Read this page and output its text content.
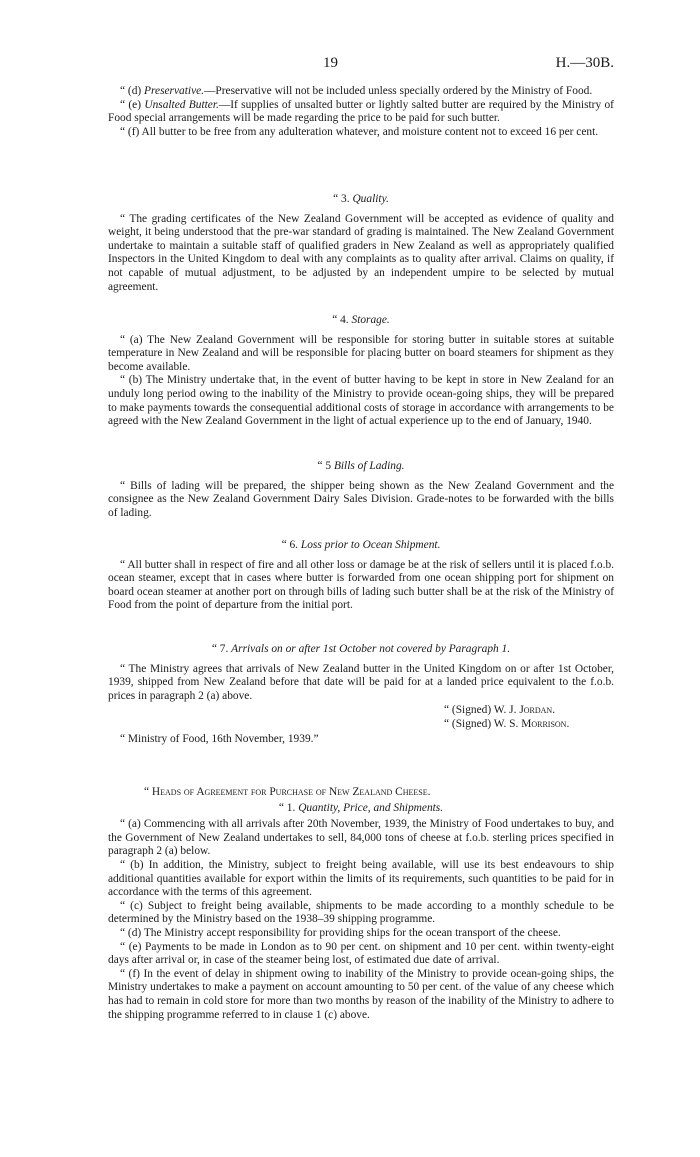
19	H.—30B.

“ (d) Preservative.—Preservative will not be included unless specially ordered by the Ministry of Food.

“ (e) Unsalted Butter.—If supplies of unsalted butter or lightly salted butter are required by the Ministry of Food special arrangements will be made regarding the price to be paid for such butter.

“ (f) All butter to be free from any adulteration whatever, and moisture content not to exceed 16 per cent.

“ 3. Quality.

“ The grading certificates of the New Zealand Government will be accepted as evidence of quality and weight, it being understood that the pre-war standard of grading is maintained. The New Zealand Government undertake to maintain a suitable staff of qualified graders in New Zealand as well as appropriately qualified Inspectors in the United Kingdom to deal with any complaints as to quality after arrival. Claims on quality, if not capable of mutual adjustment, to be adjusted by an independent umpire to be selected by mutual agreement.

“ 4. Storage.

“ (a) The New Zealand Government will be responsible for storing butter in suitable stores at suitable temperature in New Zealand and will be responsible for placing butter on board steamers for shipment as they become available.

“ (b) The Ministry undertake that, in the event of butter having to be kept in store in New Zealand for an unduly long period owing to the inability of the Ministry to provide ocean-going ships, they will be prepared to make payments towards the consequential additional costs of storage in accordance with arrangements to be agreed with the New Zealand Government in the light of actual experience up to the end of January, 1940.

“ 5 Bills of Lading.

“ Bills of lading will be prepared, the shipper being shown as the New Zealand Government and the consignee as the New Zealand Government Dairy Sales Division. Grade-notes to be forwarded with the bills of lading.

“ 6. Loss prior to Ocean Shipment.

“ All butter shall in respect of fire and all other loss or damage be at the risk of sellers until it is placed f.o.b. ocean steamer, except that in cases where butter is forwarded from one ocean shipping port for shipment on board ocean steamer at another port on through bills of lading such butter shall be at the risk of the Ministry of Food from the point of departure from the initial port.

“ 7. Arrivals on or after 1st October not covered by Paragraph 1.

“ The Ministry agrees that arrivals of New Zealand butter in the United Kingdom on or after 1st October, 1939, shipped from New Zealand before that date will be paid for at a landed price equivalent to the f.o.b. prices in paragraph 2 (a) above.

“ (Signed) W. J. Jordan.
“ (Signed) W. S. Morrison.
“ Ministry of Food, 16th November, 1939.”
“ Heads of Agreement for Purchase of New Zealand Cheese.
“ 1. Quantity, Price, and Shipments.

“ (a) Commencing with all arrivals after 20th November, 1939, the Ministry of Food undertakes to buy, and the Government of New Zealand undertakes to sell, 84,000 tons of cheese at f.o.b. sterling prices specified in paragraph 2 (a) below.

“ (b) In addition, the Ministry, subject to freight being available, will use its best endeavours to ship additional quantities available for export within the limits of its requirements, such quantities to be paid for in accordance with the terms of this agreement.

“ (c) Subject to freight being available, shipments to be made according to a monthly schedule to be determined by the Ministry based on the 1938–39 shipping programme.

“ (d) The Ministry accept responsibility for providing ships for the ocean transport of the cheese.

“ (e) Payments to be made in London as to 90 per cent. on shipment and 10 per cent. within twenty-eight days after arrival or, in case of the steamer being lost, of estimated due date of arrival.

“ (f) In the event of delay in shipment owing to inability of the Ministry to provide ocean-going ships, the Ministry undertakes to make a payment on account amounting to 50 per cent. of the value of any cheese which has had to remain in cold store for more than two months by reason of the inability of the Ministry to adhere to the shipping programme referred to in clause 1 (c) above.
